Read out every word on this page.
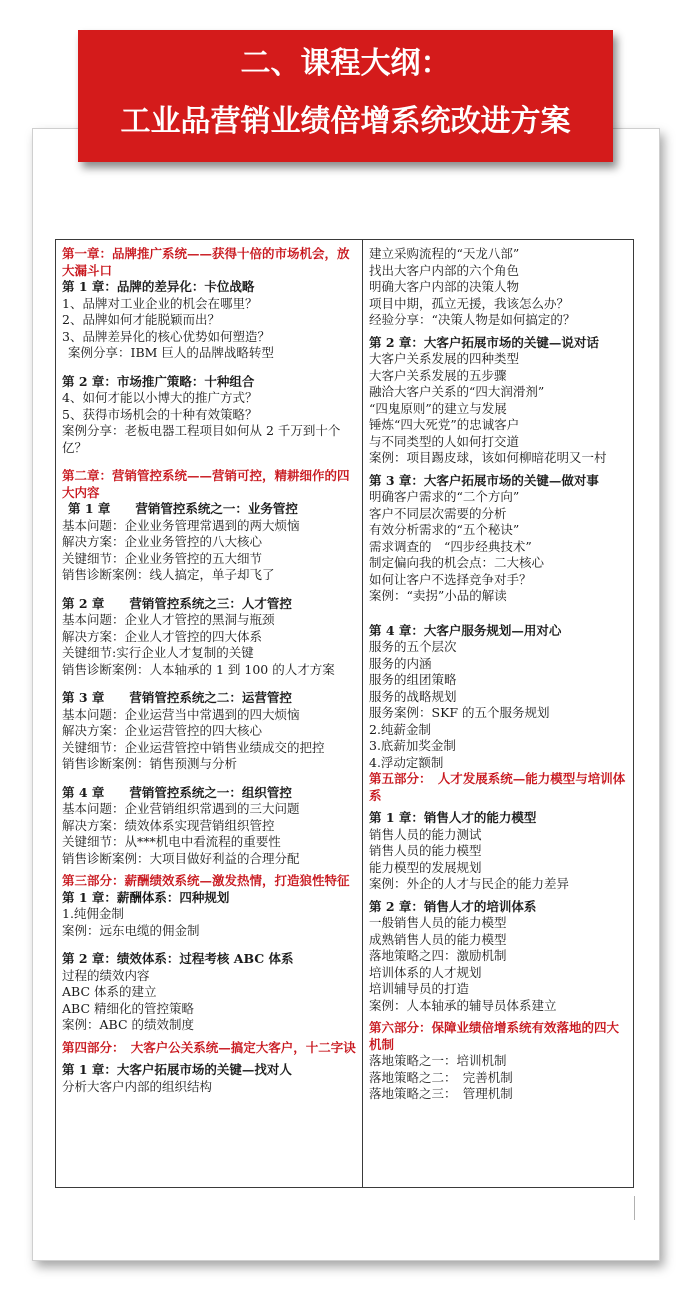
二、课程大纲：
工业品营销业绩倍增系统改进方案
第一章：品牌推广系统——获得十倍的市场机会，放大漏斗口
第 1 章：品牌的差异化：卡位战略
1、品牌对工业企业的机会在哪里？
2、品牌如何才能脱颖而出？
3、品牌差异化的核心优势如何塑造？
案例分享：IBM 巨人的品牌战略转型
第 2 章：市场推广策略：十种组合
4、如何才能以小博大的推广方式？
5、获得市场机会的十种有效策略？
案例分享：老板电器工程项目如何从 2 千万到十个亿？
第二章：营销管控系统——营销可控，精耕细作的四大内容
第 1 章　　营销管控系统之一：业务管控
基本问题：企业业务管理常遇到的两大烦恼
解决方案：企业业务管控的八大核心
关键细节：企业业务管控的五大细节
销售诊断案例：线人搞定，单子却飞了
第 2 章　　营销管控系统之三：人才管控
基本问题：企业人才管控的黑洞与瓶颈
解决方案：企业人才管控的四大体系
关键细节:实行企业人才复制的关键
销售诊断案例：人本轴承的 1 到 100 的人才方案
第 3 章　　营销管控系统之二：运营管控
基本问题：企业运营当中常遇到的四大烦恼
解决方案：企业运营管控的四大核心
关键细节：企业运营管控中销售业绩成交的把控
销售诊断案例：销售预测与分析
第 4 章　　营销管控系统之一：组织管控
基本问题：企业营销组织常遇到的三大问题
解决方案：绩效体系实现营销组织管控
关键细节：从***机电中看流程的重要性
销售诊断案例：大项目做好利益的合理分配
第三部分：薪酬绩效系统—激发热情，打造狼性特征
第 1 章：薪酬体系：四种规划
1.纯佣金制
案例：远东电缆的佣金制
第 2 章：绩效体系：过程考核 ABC 体系
过程的绩效内容
ABC 体系的建立
ABC 精细化的管控策略
案例：ABC 的绩效制度
第四部分：　大客户公关系统—搞定大客户，十二字诀
第 1 章：大客户拓展市场的关键—找对人
分析大客户内部的组织结构
建立采购流程的“天龙八部”
找出大客户内部的六个角色
明确大客户内部的决策人物
项目中期，孤立无援，我该怎么办？
经验分享：“决策人物是如何搞定的？
第 2 章：大客户拓展市场的关键—说对话
大客户关系发展的四种类型
大客户关系发展的五步骤
融洽大客户关系的“四大润滑剂”
“四鬼原则”的建立与发展
锤炼“四大死党”的忠诚客户
与不同类型的人如何打交道
案例：项目踢皮球，该如何柳暗花明又一村
第 3 章：大客户拓展市场的关键—做对事
明确客户需求的“二个方向”
客户不同层次需要的分析
有效分析需求的“五个秘诀”
需求调查的　“四步经典技术”
制定偏向我的机会点：二大核心
如何让客户不选择竞争对手？
案例：“卖拐”小品的解读
第 4 章：大客户服务规划—用对心
服务的五个层次
服务的内涵
服务的组团策略
服务的战略规划
服务案例：SKF 的五个服务规划
2.纯薪金制
3.底薪加奖金制
4.浮动定额制
第五部分：　人才发展系统—能力模型与培训体系
第 1 章：销售人才的能力模型
销售人员的能力测试
销售人员的能力模型
能力模型的发展规划
案例：外企的人才与民企的能力差异
第 2 章：销售人才的培训体系
一般销售人员的能力模型
成熟销售人员的能力模型
落地策略之四：激励机制
培训体系的人才规划
培训辅导员的打造
案例：人本轴承的辅导员体系建立
第六部分：保障业绩倍增系统有效落地的四大机制
落地策略之一：培训机制
落地策略之二：　完善机制
落地策略之三：　管理机制
